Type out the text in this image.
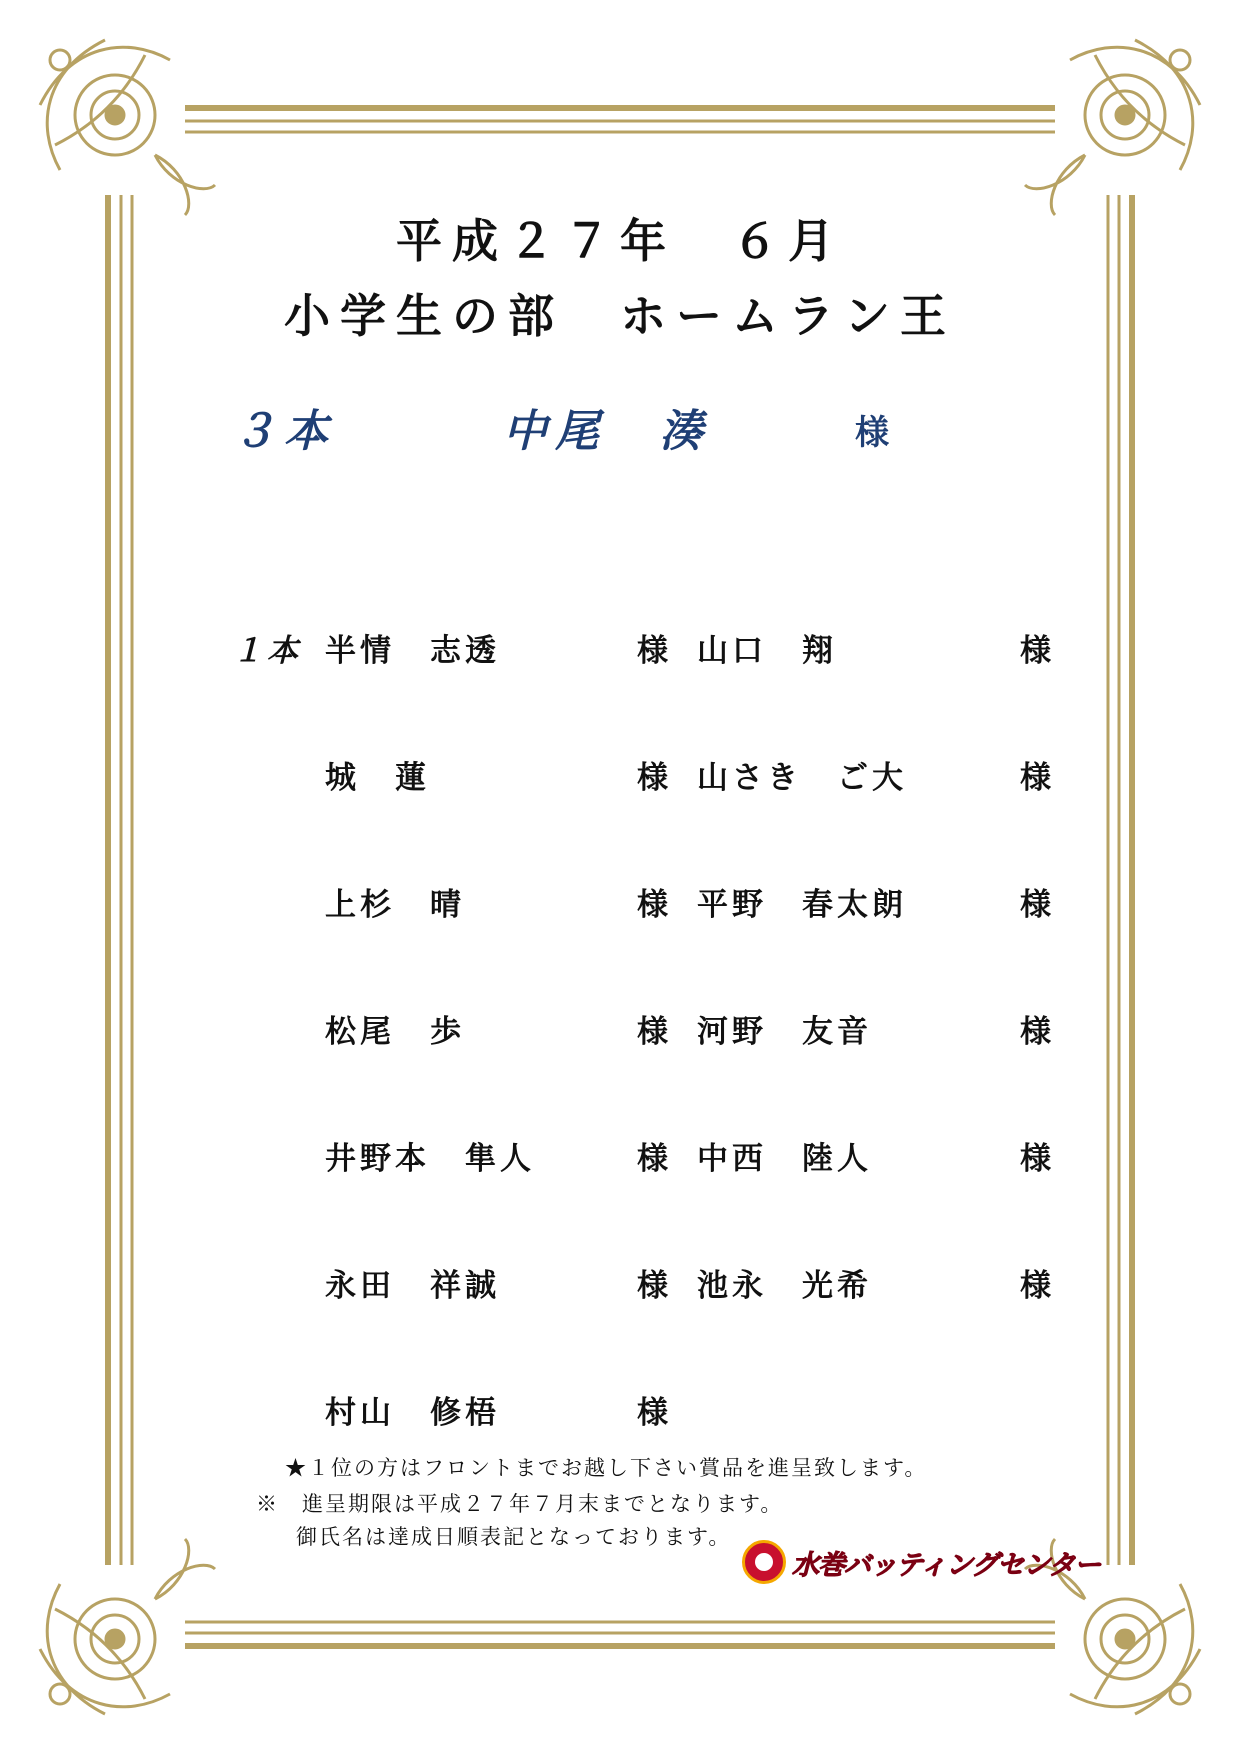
平成２７年　６月
小学生の部　ホームラン王
３本	中尾　湊	様
１本 半情　志透	様 山口　翔	様
城　蓮	様 山さき　ご大	様
上杉　晴	様 平野　春太朗	様
松尾　歩	様 河野　友音	様
井野本　隼人	様 中西　陸人	様
永田　祥誠	様 池永　光希	様
村山　修梧	様
★１位の方はフロントまでお越し下さい賞品を進呈致します。
※　進呈期限は平成２７年７月末までとなります。
御氏名は達成日順表記となっております。
水巻バッティングセンター
